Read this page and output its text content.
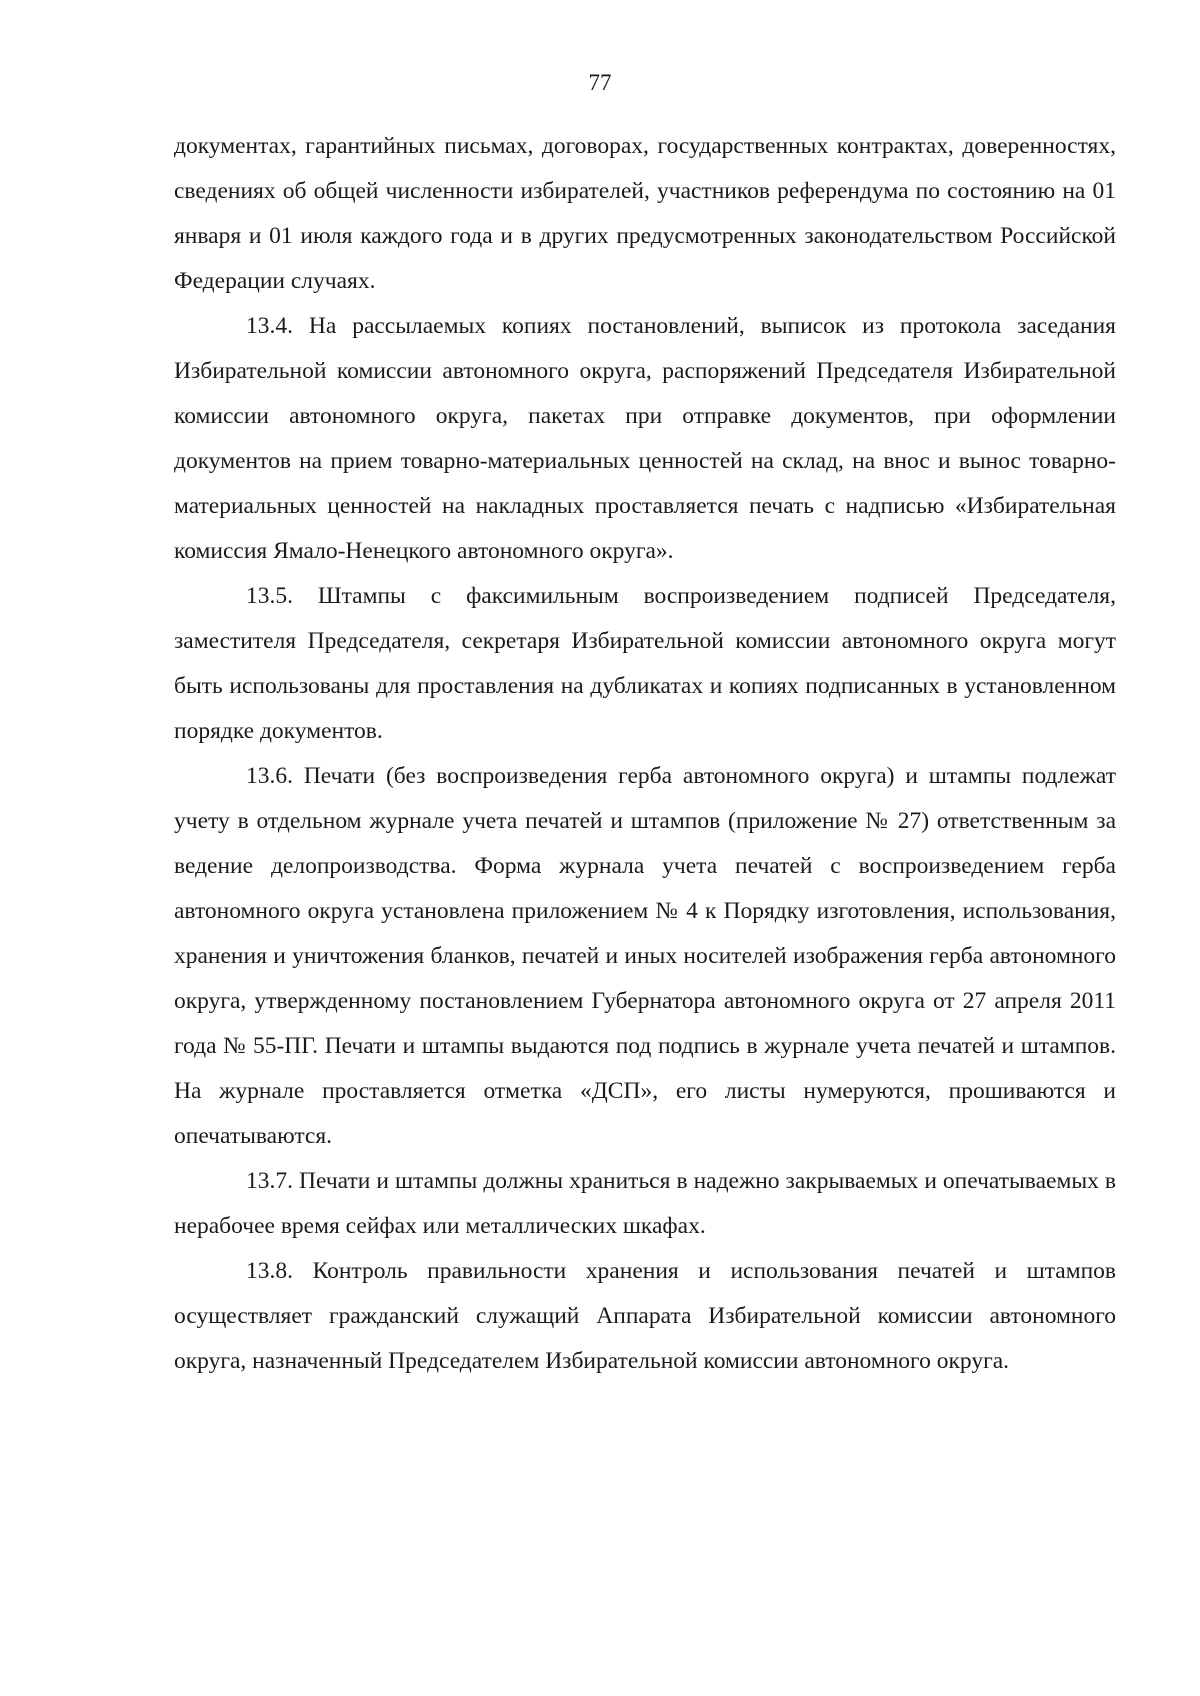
77

документах, гарантийных письмах, договорах, государственных контрактах, доверенностях, сведениях об общей численности избирателей, участников референдума по состоянию на 01 января и 01 июля каждого года и в других предусмотренных законодательством Российской Федерации случаях.

13.4. На рассылаемых копиях постановлений, выписок из протокола заседания Избирательной комиссии автономного округа, распоряжений Председателя Избирательной комиссии автономного округа, пакетах при отправке документов, при оформлении документов на прием товарно-материальных ценностей на склад, на внос и вынос товарно-материальных ценностей на накладных проставляется печать с надписью «Избирательная комиссия Ямало-Ненецкого автономного округа».

13.5. Штампы с факсимильным воспроизведением подписей Председателя, заместителя Председателя, секретаря Избирательной комиссии автономного округа могут быть использованы для проставления на дубликатах и копиях подписанных в установленном порядке документов.

13.6. Печати (без воспроизведения герба автономного округа) и штампы подлежат учету в отдельном журнале учета печатей и штампов (приложение № 27) ответственным за ведение делопроизводства. Форма журнала учета печатей с воспроизведением герба автономного округа установлена приложением № 4 к Порядку изготовления, использования, хранения и уничтожения бланков, печатей и иных носителей изображения герба автономного округа, утвержденному постановлением Губернатора автономного округа от 27 апреля 2011 года № 55-ПГ. Печати и штампы выдаются под подпись в журнале учета печатей и штампов. На журнале проставляется отметка «ДСП», его листы нумеруются, прошиваются и опечатываются.

13.7. Печати и штампы должны храниться в надежно закрываемых и опечатываемых в нерабочее время сейфах или металлических шкафах.

13.8. Контроль правильности хранения и использования печатей и штампов осуществляет гражданский служащий Аппарата Избирательной комиссии автономного округа, назначенный Председателем Избирательной комиссии автономного округа.
